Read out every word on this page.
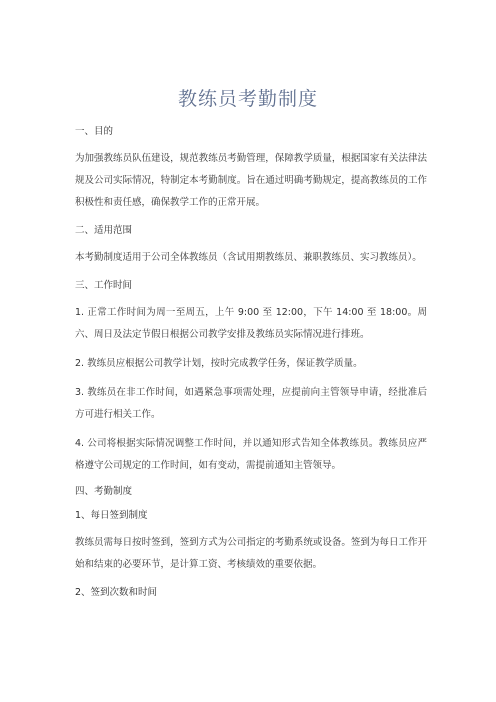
教练员考勤制度
一、目的
为加强教练员队伍建设，规范教练员考勤管理，保障教学质量，根据国家有关法律法规及公司实际情况，特制定本考勤制度。旨在通过明确考勤规定，提高教练员的工作积极性和责任感，确保教学工作的正常开展。
二、适用范围
本考勤制度适用于公司全体教练员（含试用期教练员、兼职教练员、实习教练员）。
三、工作时间
1. 正常工作时间为周一至周五，上午 9:00 至 12:00，下午 14:00 至 18:00。周六、周日及法定节假日根据公司教学安排及教练员实际情况进行排班。
2. 教练员应根据公司教学计划，按时完成教学任务，保证教学质量。
3. 教练员在非工作时间，如遇紧急事项需处理，应提前向主管领导申请，经批准后方可进行相关工作。
4. 公司将根据实际情况调整工作时间，并以通知形式告知全体教练员。教练员应严格遵守公司规定的工作时间，如有变动，需提前通知主管领导。
四、考勤制度
1、每日签到制度
教练员需每日按时签到，签到方式为公司指定的考勤系统或设备。签到为每日工作开始和结束的必要环节，是计算工资、考核绩效的重要依据。
2、签到次数和时间
